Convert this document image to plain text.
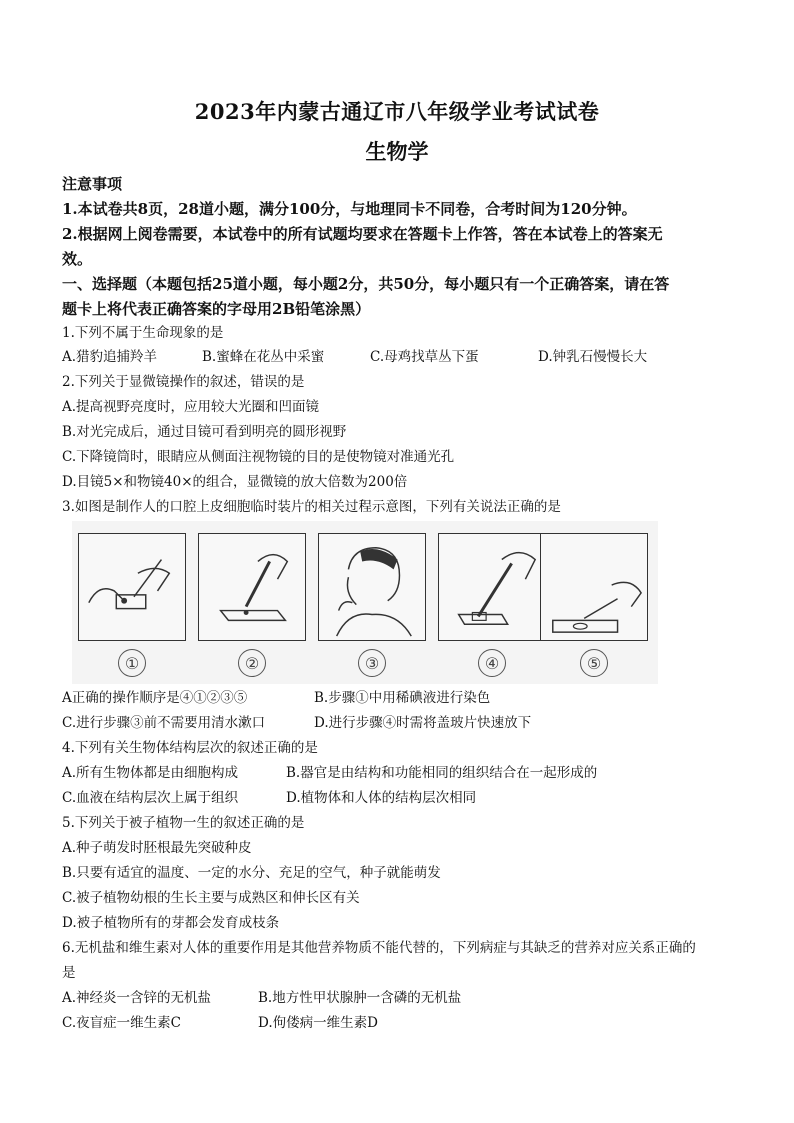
2023年内蒙古通辽市八年级学业考试试卷
生物学
注意事项
1.本试卷共8页，28道小题，满分100分，与地理同卡不同卷，合考时间为120分钟。
2.根据网上阅卷需要，本试卷中的所有试题均要求在答题卡上作答，答在本试卷上的答案无
效。
一、选择题（本题包括25道小题，每小题2分，共50分，每小题只有一个正确答案，请在答
题卡上将代表正确答案的字母用2B铅笔涂黑）
1.下列不属于生命现象的是
A.猎豹追捕羚羊	B.蜜蜂在花丛中采蜜	C.母鸡找草丛下蛋	D.钟乳石慢慢长大
2.下列关于显微镜操作的叙述，错误的是
A.提高视野亮度时，应用较大光圈和凹面镜
B.对光完成后，通过目镜可看到明亮的圆形视野
C.下降镜筒时，眼睛应从侧面注视物镜的目的是使物镜对准通光孔
D.目镜5×和物镜40×的组合，显微镜的放大倍数为200倍
3.如图是制作人的口腔上皮细胞临时装片的相关过程示意图，下列有关说法正确的是
①	②	③	④	⑤
A正确的操作顺序是④①②③⑤	B.步骤①中用稀碘液进行染色
C.进行步骤③前不需要用清水漱口	D.进行步骤④时需将盖玻片快速放下
4.下列有关生物体结构层次的叙述正确的是
A.所有生物体都是由细胞构成	B.器官是由结构和功能相同的组织结合在一起形成的
C.血液在结构层次上属于组织	D.植物体和人体的结构层次相同
5.下列关于被子植物一生的叙述正确的是
A.种子萌发时胚根最先突破种皮
B.只要有适宜的温度、一定的水分、充足的空气，种子就能萌发
C.被子植物幼根的生长主要与成熟区和伸长区有关
D.被子植物所有的芽都会发育成枝条
6.无机盐和维生素对人体的重要作用是其他营养物质不能代替的，下列病症与其缺乏的营养对应关系正确的
是
A.神经炎一含锌的无机盐	B.地方性甲状腺肿一含磷的无机盐
C.夜盲症一维生素C	D.佝偻病一维生素D
